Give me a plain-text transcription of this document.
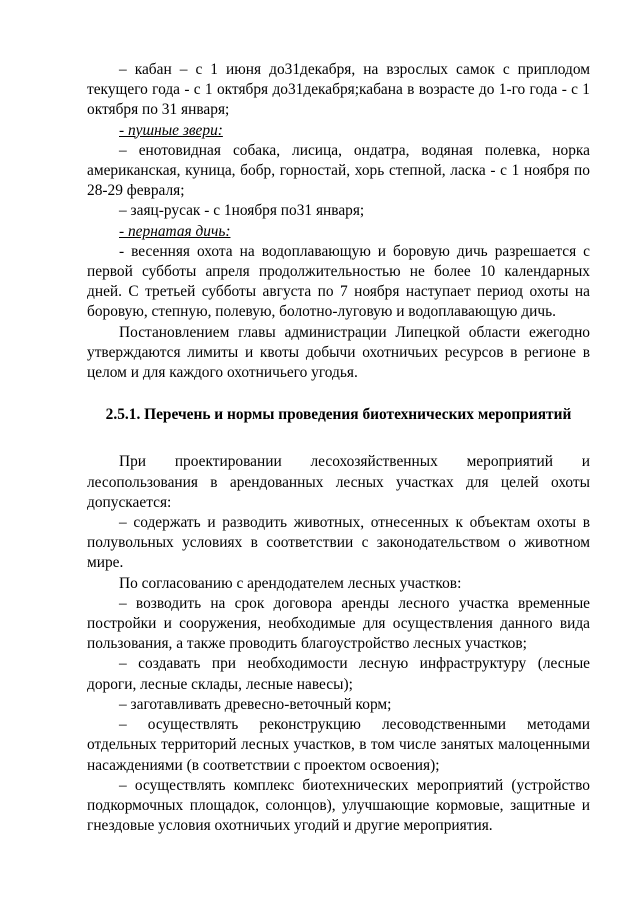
– кабан – с 1 июня до31декабря, на взрослых самок с приплодом текущего года - с 1 октября до31декабря;кабана в возрасте до 1-го года - с 1 октября по 31 января;

- пушные звери:

– енотовидная собака, лисица, ондатра, водяная полевка, норка американская, куница, бобр, горностай, хорь степной, ласка - с 1 ноября по 28-29 февраля;

– заяц-русак - с 1ноября по31 января;

- пернатая дичь:

- весенняя охота на водоплавающую и боровую дичь разрешается с первой субботы апреля продолжительностью не более 10 календарных дней. С третьей субботы августа по 7 ноября наступает период охоты на боровую, степную, полевую, болотно-луговую и водоплавающую дичь.

Постановлением главы администрации Липецкой области ежегодно утверждаются лимиты и квоты добычи охотничьих ресурсов в регионе в целом и для каждого охотничьего угодья.

2.5.1. Перечень и нормы проведения биотехнических мероприятий

При проектировании лесохозяйственных мероприятий и лесопользования в арендованных лесных участках для целей охоты допускается:

– содержать и разводить животных, отнесенных к объектам охоты в полувольных условиях в соответствии с законодательством о животном мире.

По согласованию с арендодателем лесных участков:

– возводить на срок договора аренды лесного участка временные постройки и сооружения, необходимые для осуществления данного вида пользования, а также проводить благоустройство лесных участков;

– создавать при необходимости лесную инфраструктуру (лесные дороги, лесные склады, лесные навесы);

– заготавливать древесно-веточный корм;

– осуществлять реконструкцию лесоводственными методами отдельных территорий лесных участков, в том числе занятых малоценными насаждениями (в соответствии с проектом освоения);

– осуществлять комплекс биотехнических мероприятий (устройство подкормочных площадок, солонцов), улучшающие кормовые, защитные и гнездовые условия охотничьих угодий и другие мероприятия.
